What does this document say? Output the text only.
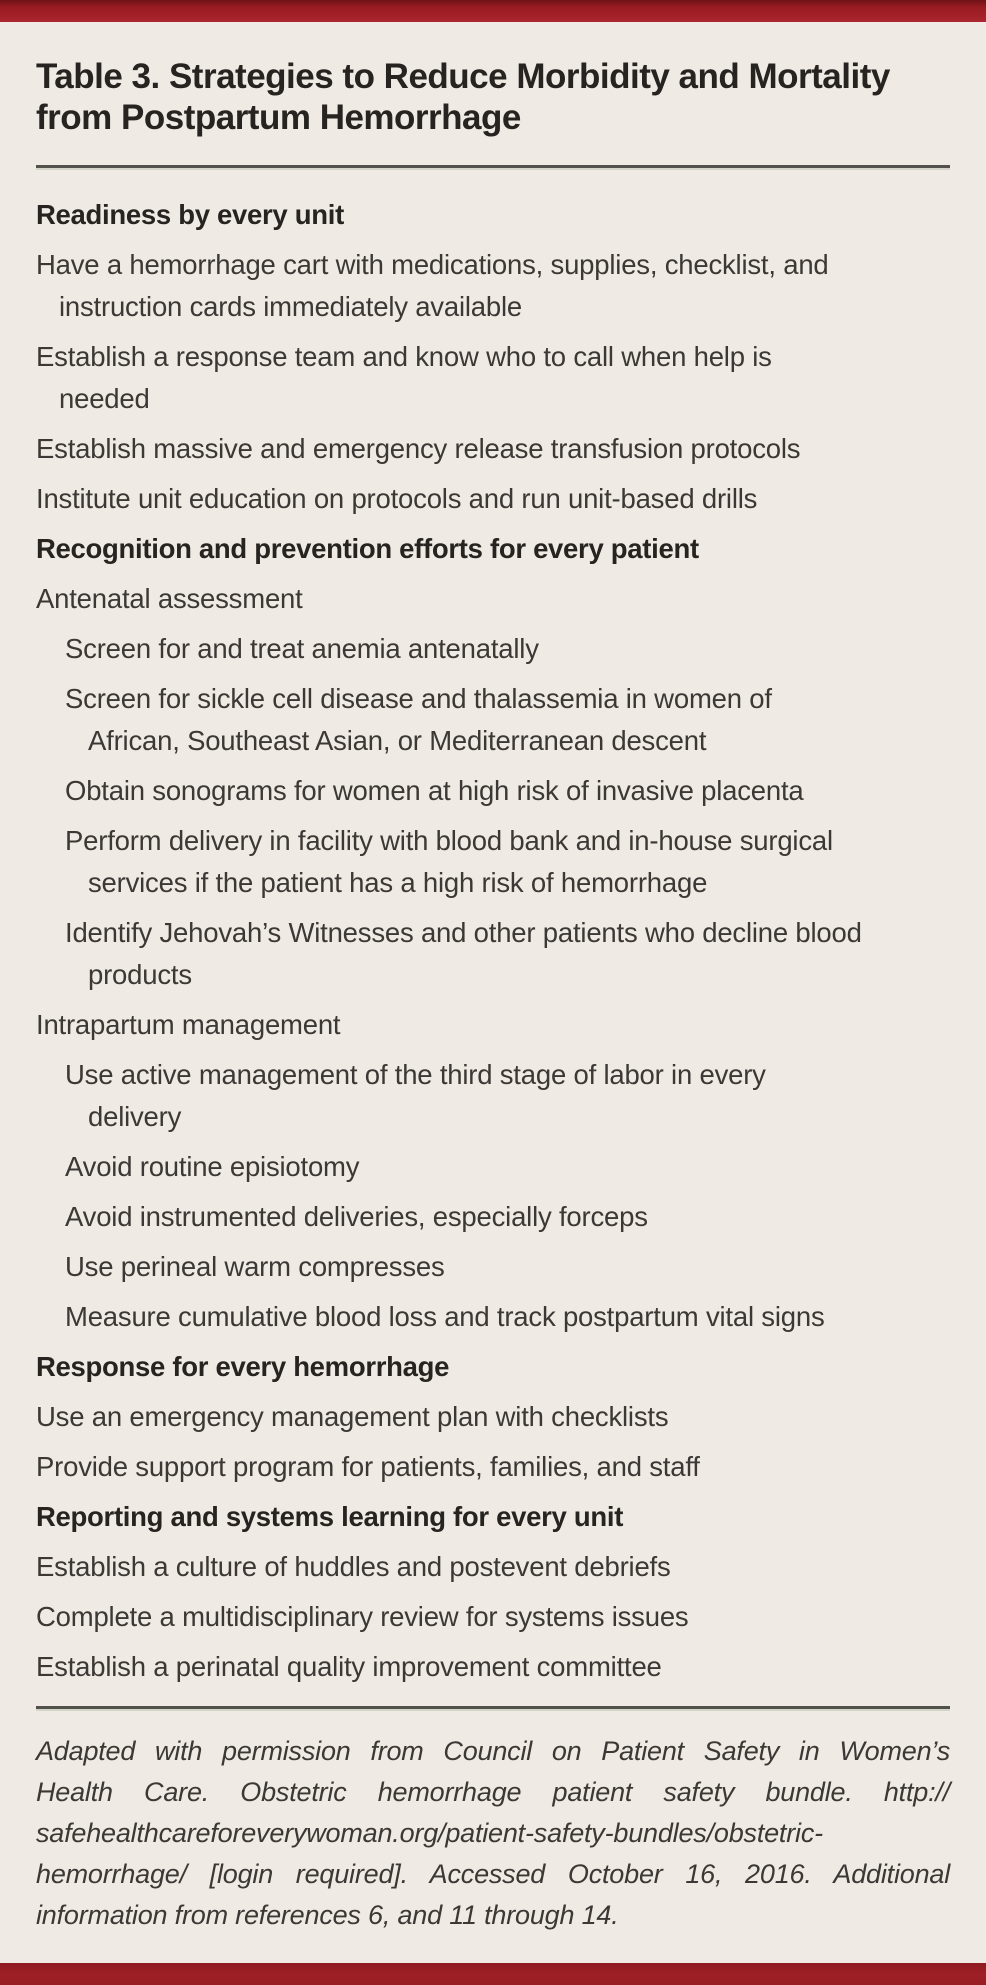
Table 3. Strategies to Reduce Morbidity and Mortality from Postpartum Hemorrhage
Readiness by every unit
Have a hemorrhage cart with medications, supplies, checklist, and instruction cards immediately available
Establish a response team and know who to call when help is needed
Establish massive and emergency release transfusion protocols
Institute unit education on protocols and run unit-based drills
Recognition and prevention efforts for every patient
Antenatal assessment
Screen for and treat anemia antenatally
Screen for sickle cell disease and thalassemia in women of African, Southeast Asian, or Mediterranean descent
Obtain sonograms for women at high risk of invasive placenta
Perform delivery in facility with blood bank and in-house surgical services if the patient has a high risk of hemorrhage
Identify Jehovah’s Witnesses and other patients who decline blood products
Intrapartum management
Use active management of the third stage of labor in every delivery
Avoid routine episiotomy
Avoid instrumented deliveries, especially forceps
Use perineal warm compresses
Measure cumulative blood loss and track postpartum vital signs
Response for every hemorrhage
Use an emergency management plan with checklists
Provide support program for patients, families, and staff
Reporting and systems learning for every unit
Establish a culture of huddles and postevent debriefs
Complete a multidisciplinary review for systems issues
Establish a perinatal quality improvement committee
Adapted with permission from Council on Patient Safety in Women’s
Health Care. Obstetric hemorrhage patient safety bundle. http://
safehealthcareforeverywoman.org/patient-safety-bundles/obstetric-
hemorrhage/ [login required]. Accessed October 16, 2016. Additional
information from references 6, and 11 through 14.
